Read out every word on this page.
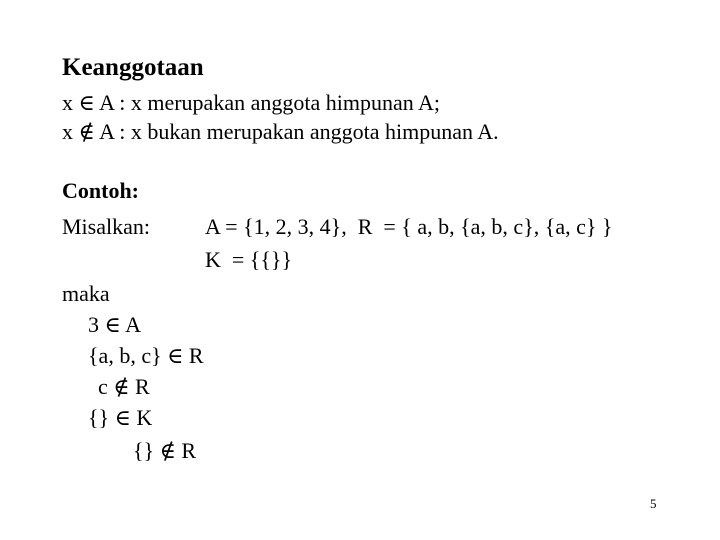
Keanggotaan
x ∈ A : x merupakan anggota himpunan A;
x ∉ A : x bukan merupakan anggota himpunan A.
Contoh:
Misalkan:	A = {1, 2, 3, 4},  R  = { a, b, {a, b, c}, {a, c} }
K  = {{}}
maka
3 ∈ A
{a, b, c} ∈ R
c ∉ R
{} ∈ K
{} ∉ R
5
